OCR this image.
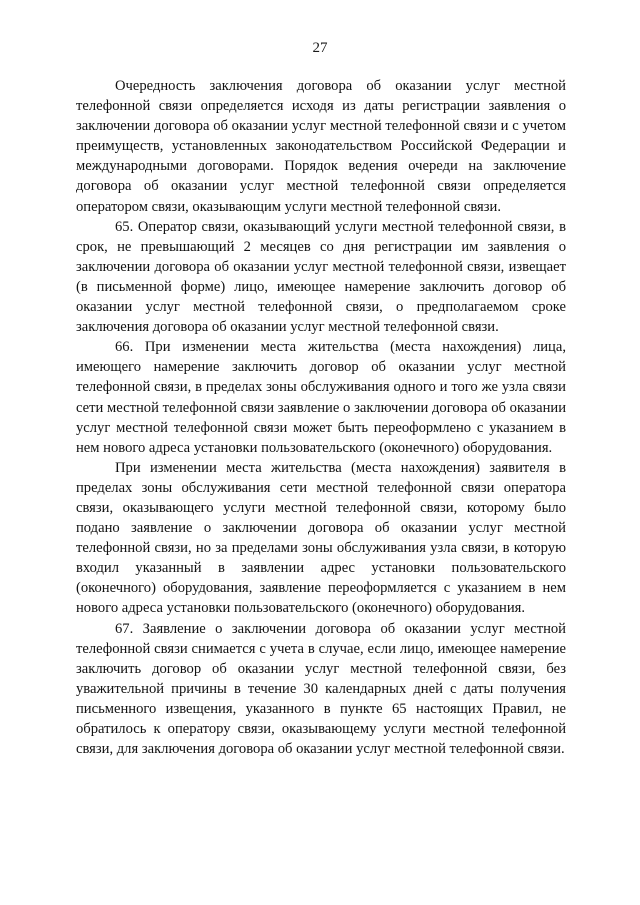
27

Очередность заключения договора об оказании услуг местной телефонной связи определяется исходя из даты регистрации заявления о заключении договора об оказании услуг местной телефонной связи и с учетом преимуществ, установленных законодательством Российской Федерации и международными договорами. Порядок ведения очереди на заключение договора об оказании услуг местной телефонной связи определяется оператором связи, оказывающим услуги местной телефонной связи.

65. Оператор связи, оказывающий услуги местной телефонной связи, в срок, не превышающий 2 месяцев со дня регистрации им заявления о заключении договора об оказании услуг местной телефонной связи, извещает (в письменной форме) лицо, имеющее намерение заключить договор об оказании услуг местной телефонной связи, о предполагаемом сроке заключения договора об оказании услуг местной телефонной связи.

66. При изменении места жительства (места нахождения) лица, имеющего намерение заключить договор об оказании услуг местной телефонной связи, в пределах зоны обслуживания одного и того же узла связи сети местной телефонной связи заявление о заключении договора об оказании услуг местной телефонной связи может быть переоформлено с указанием в нем нового адреса установки пользовательского (оконечного) оборудования.

При изменении места жительства (места нахождения) заявителя в пределах зоны обслуживания сети местной телефонной связи оператора связи, оказывающего услуги местной телефонной связи, которому было подано заявление о заключении договора об оказании услуг местной телефонной связи, но за пределами зоны обслуживания узла связи, в которую входил указанный в заявлении адрес установки пользовательского (оконечного) оборудования, заявление переоформляется с указанием в нем нового адреса установки пользовательского (оконечного) оборудования.

67. Заявление о заключении договора об оказании услуг местной телефонной связи снимается с учета в случае, если лицо, имеющее намерение заключить договор об оказании услуг местной телефонной связи, без уважительной причины в течение 30 календарных дней с даты получения письменного извещения, указанного в пункте 65 настоящих Правил, не обратилось к оператору связи, оказывающему услуги местной телефонной связи, для заключения договора об оказании услуг местной телефонной связи.
